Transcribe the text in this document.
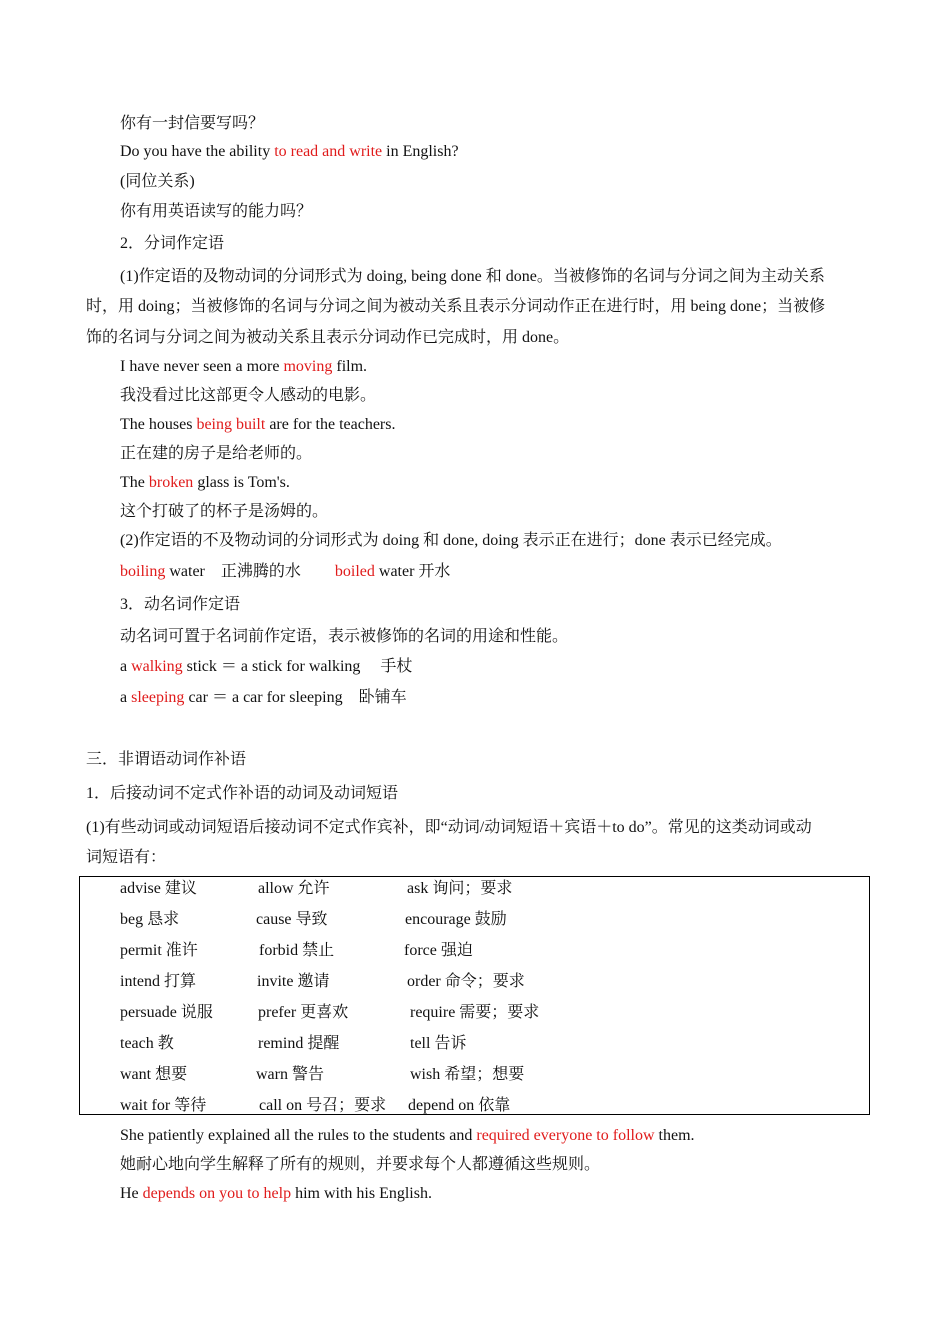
你有一封信要写吗？
Do you have the ability to read and write in English?
(同位关系)
你有用英语读写的能力吗？
2．分词作定语
(1)作定语的及物动词的分词形式为 doing, being done 和 done。当被修饰的名词与分词之间为主动关系
时，用 doing；当被修饰的名词与分词之间为被动关系且表示分词动作正在进行时，用 being done；当被修
饰的名词与分词之间为被动关系且表示分词动作已完成时，用 done。
I have never seen a more moving film.
我没看过比这部更令人感动的电影。
The houses being built are for the teachers.
正在建的房子是给老师的。
The broken glass is Tom's.
这个打破了的杯子是汤姆的。
(2)作定语的不及物动词的分词形式为 doing 和 done, doing 表示正在进行；done 表示已经完成。
boiling water　正沸腾的水 boiled water 开水
3．动名词作定语
动名词可置于名词前作定语，表示被修饰的名词的用途和性能。
a walking stick ＝ a stick for walking　 手杖
a sleeping car ＝ a car for sleeping　卧铺车
三．非谓语动词作补语
1．后接动词不定式作补语的动词及动词短语
(1)有些动词或动词短语后接动词不定式作宾补，即“动词/动词短语＋宾语＋to do”。常见的这类动词或动
词短语有：
advise 建议	allow 允许	ask 询问；要求
beg 恳求	cause 导致	encourage 鼓励
permit 准许	forbid 禁止	force 强迫
intend 打算	invite 邀请	order 命令；要求
persuade 说服	prefer 更喜欢	require 需要；要求
teach 教	remind 提醒	tell 告诉
want 想要	warn 警告	wish 希望；想要
wait for 等待	call on 号召；要求 depend on 依靠
She patiently explained all the rules to the students and required everyone to follow them.
她耐心地向学生解释了所有的规则，并要求每个人都遵循这些规则。
He depends on you to help him with his English.
